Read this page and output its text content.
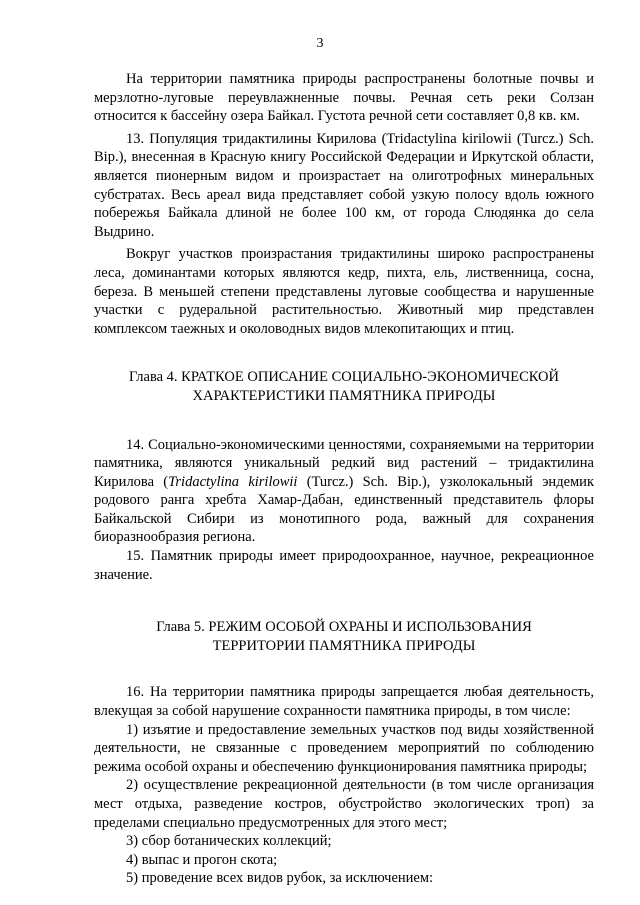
3

На территории памятника природы распространены болотные почвы и мерзлотно-луговые переувлажненные почвы. Речная сеть реки Солзан относится к бассейну озера Байкал. Густота речной сети составляет 0,8 кв. км.

13. Популяция тридактилины Кирилова (Tridactylina kirilowii (Turcz.) Sch. Bip.), внесенная в Красную книгу Российской Федерации и Иркутской области, является пионерным видом и произрастает на олиготрофных минеральных субстратах. Весь ареал вида представляет собой узкую полосу вдоль южного побережья Байкала длиной не более 100 км, от города Слюдянка до села Выдрино.

Вокруг участков произрастания тридактилины широко распространены леса, доминантами которых являются кедр, пихта, ель, лиственница, сосна, береза. В меньшей степени представлены луговые сообщества и нарушенные участки с рудеральной растительностью. Животный мир представлен комплексом таежных и околоводных видов млекопитающих и птиц.

Глава 4. КРАТКОЕ ОПИСАНИЕ СОЦИАЛЬНО-ЭКОНОМИЧЕСКОЙ

ХАРАКТЕРИСТИКИ ПАМЯТНИКА ПРИРОДЫ

14. Социально-экономическими ценностями, сохраняемыми на территории памятника, являются уникальный редкий вид растений – тридактилина Кирилова (Tridactylina kirilowii (Turcz.) Sch. Bip.), узколокальный эндемик родового ранга хребта Хамар-Дабан, единственный представитель флоры Байкальской Сибири из монотипного рода, важный для сохранения биоразнообразия региона.

15. Памятник природы имеет природоохранное, научное, рекреационное значение.

Глава 5. РЕЖИМ ОСОБОЙ ОХРАНЫ И ИСПОЛЬЗОВАНИЯ

ТЕРРИТОРИИ ПАМЯТНИКА ПРИРОДЫ

16. На территории памятника природы запрещается любая деятельность, влекущая за собой нарушение сохранности памятника природы, в том числе:

1) изъятие и предоставление земельных участков под виды хозяйственной деятельности, не связанные с проведением мероприятий по соблюдению режима особой охраны и обеспечению функционирования памятника природы;

2) осуществление рекреационной деятельности (в том числе организация мест отдыха, разведение костров, обустройство экологических троп) за пределами специально предусмотренных для этого мест;

3) сбор ботанических коллекций;

4) выпас и прогон скота;

5) проведение всех видов рубок, за исключением:
